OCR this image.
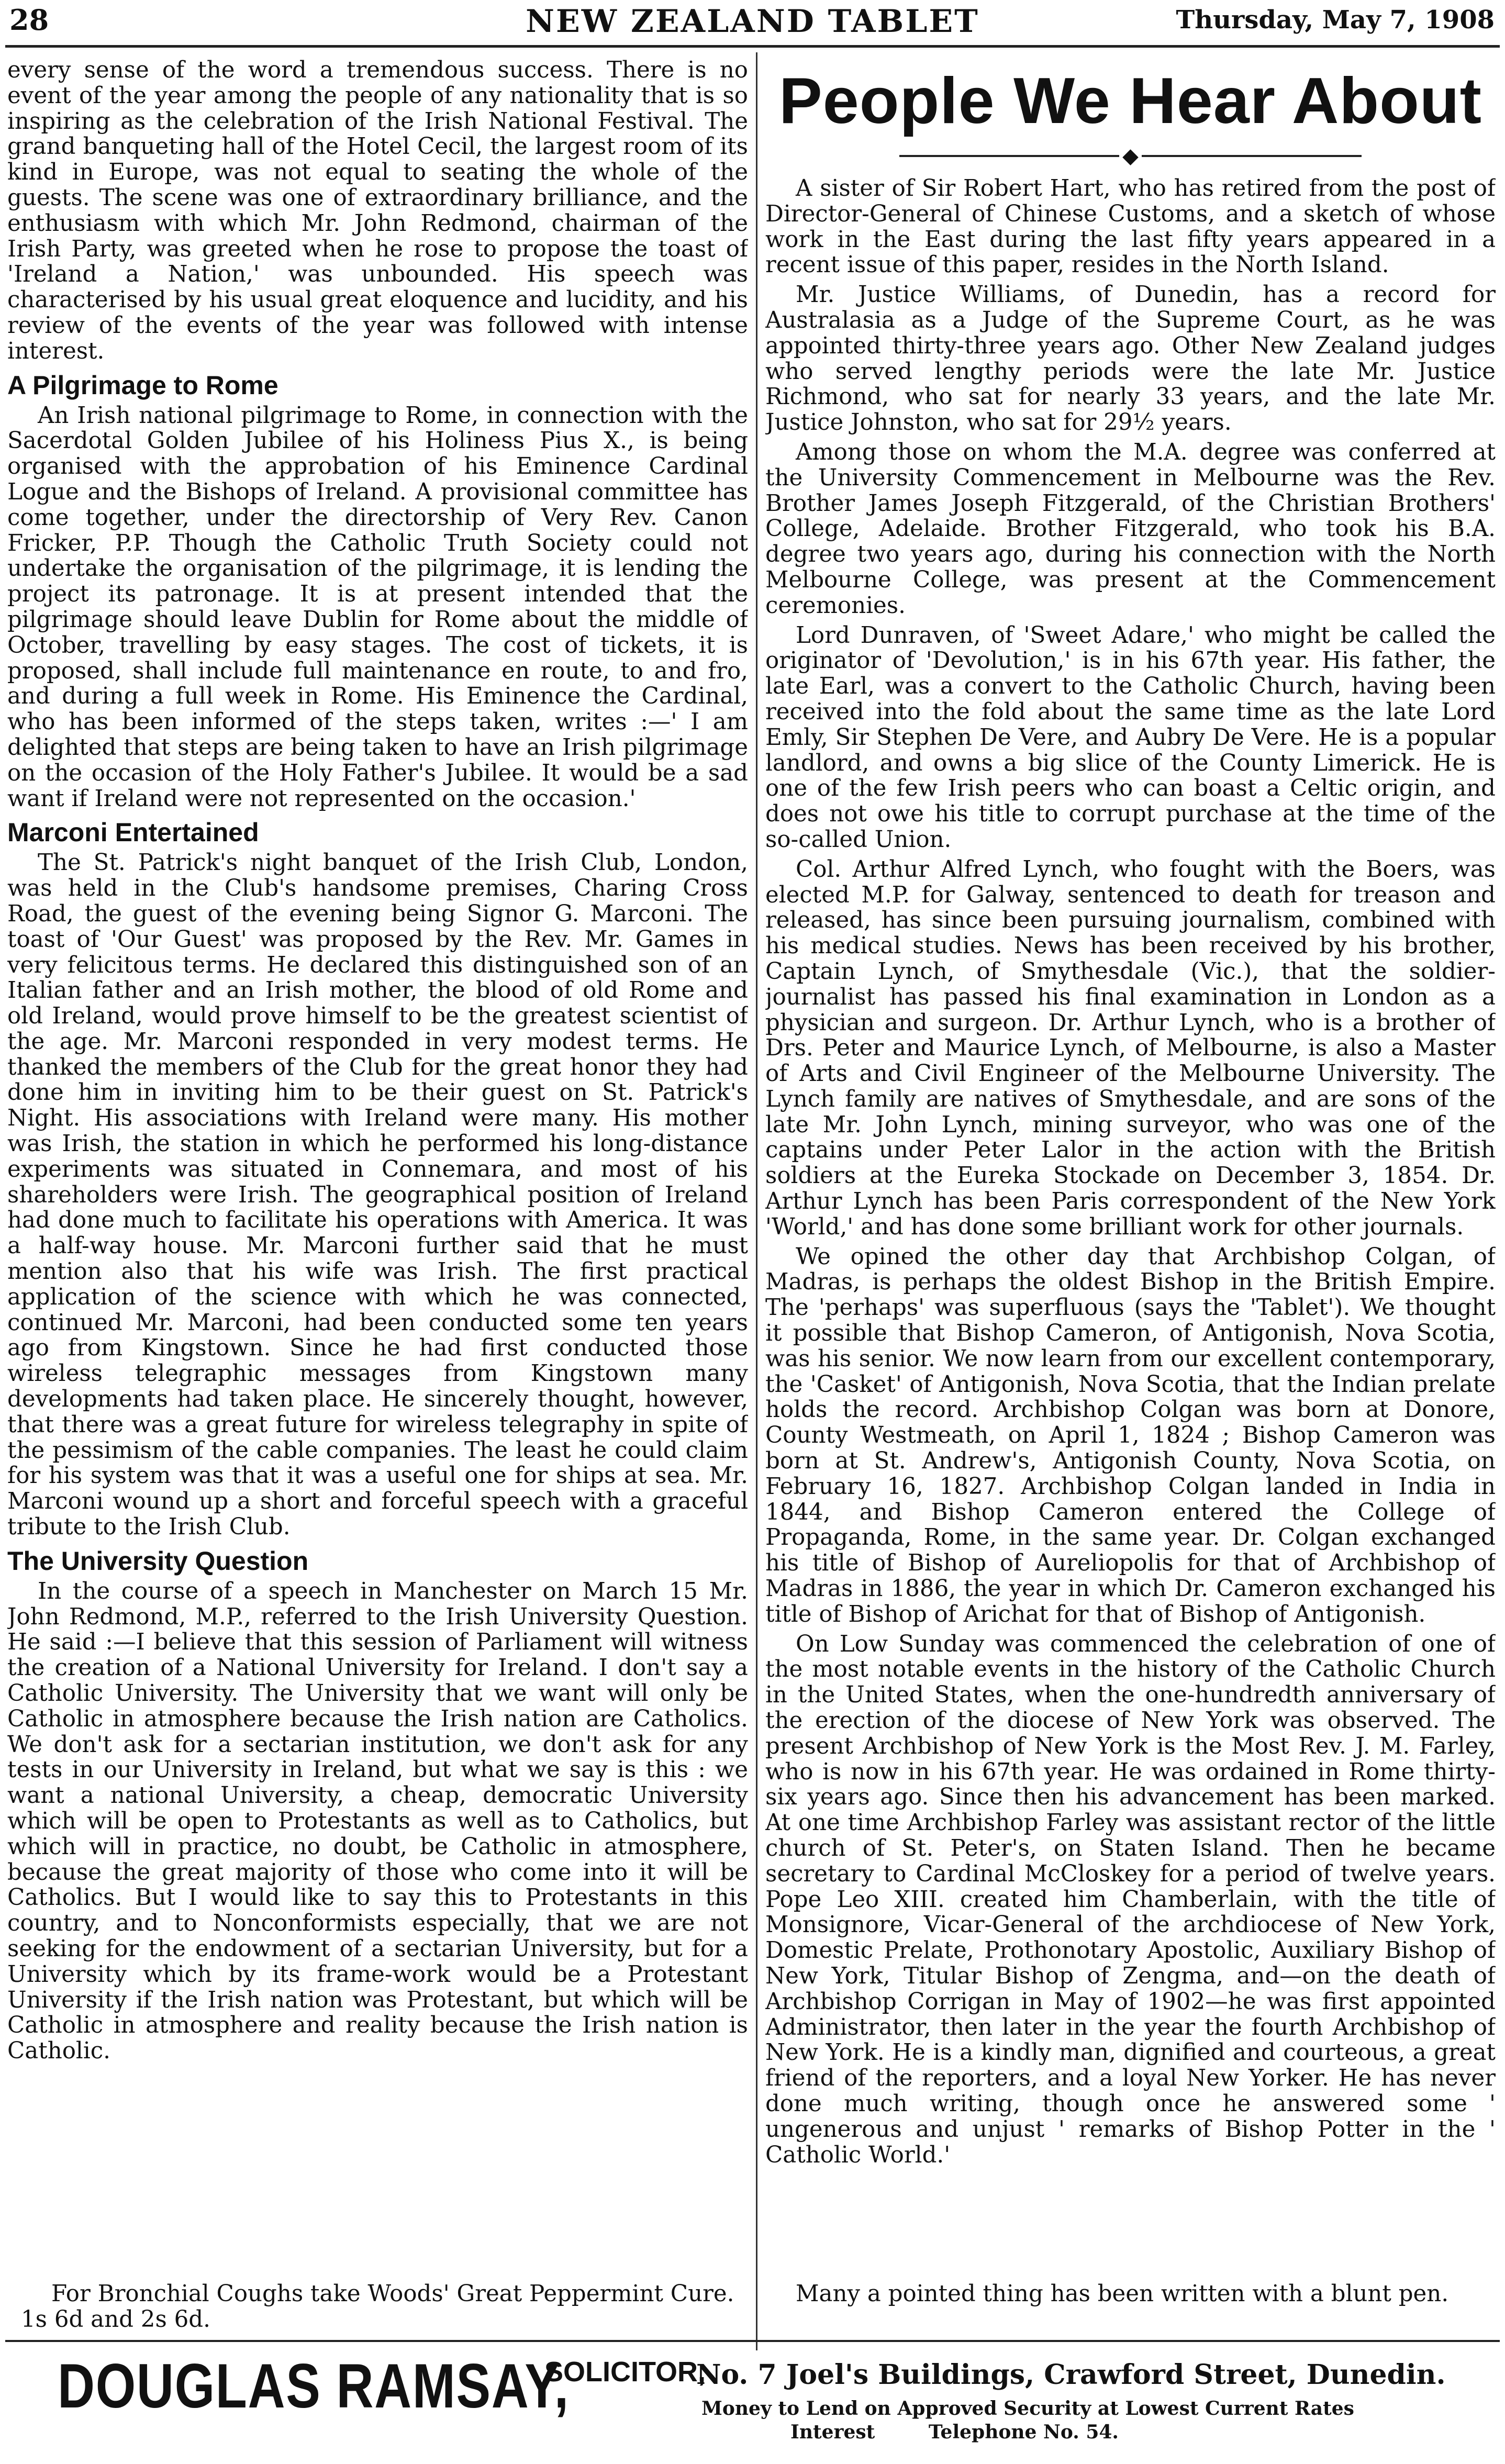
28	NEW ZEALAND TABLET	Thursday, May 7, 1908

every sense of the word a tremendous success. There is no event of the year among the people of any nationality that is so inspiring as the celebration of the Irish National Festival. The grand banqueting hall of the Hotel Cecil, the largest room of its kind in Europe, was not equal to seating the whole of the guests. The scene was one of extraordinary brilliance, and the enthusiasm with which Mr. John Redmond, chairman of the Irish Party, was greeted when he rose to propose the toast of 'Ireland a Nation,' was unbounded. His speech was characterised by his usual great eloquence and lucidity, and his review of the events of the year was followed with intense interest.

A Pilgrimage to Rome

An Irish national pilgrimage to Rome, in connection with the Sacerdotal Golden Jubilee of his Holiness Pius X., is being organised with the approbation of his Eminence Cardinal Logue and the Bishops of Ireland. A provisional committee has come together, under the directorship of Very Rev. Canon Fricker, P.P. Though the Catholic Truth Society could not undertake the organisation of the pilgrimage, it is lending the project its patronage. It is at present intended that the pilgrimage should leave Dublin for Rome about the middle of October, travelling by easy stages. The cost of tickets, it is proposed, shall include full maintenance en route, to and fro, and during a full week in Rome. His Eminence the Cardinal, who has been informed of the steps taken, writes :—' I am delighted that steps are being taken to have an Irish pilgrimage on the occasion of the Holy Father's Jubilee. It would be a sad want if Ireland were not represented on the occasion.'

Marconi Entertained

The St. Patrick's night banquet of the Irish Club, London, was held in the Club's handsome premises, Charing Cross Road, the guest of the evening being Signor G. Marconi. The toast of 'Our Guest' was proposed by the Rev. Mr. Games in very felicitous terms. He declared this distinguished son of an Italian father and an Irish mother, the blood of old Rome and old Ireland, would prove himself to be the greatest scientist of the age. Mr. Marconi responded in very modest terms. He thanked the members of the Club for the great honor they had done him in inviting him to be their guest on St. Patrick's Night. His associations with Ireland were many. His mother was Irish, the station in which he performed his long-distance experiments was situated in Connemara, and most of his shareholders were Irish. The geographical position of Ireland had done much to facilitate his operations with America. It was a half-way house. Mr. Marconi further said that he must mention also that his wife was Irish. The first practical application of the science with which he was connected, continued Mr. Marconi, had been conducted some ten years ago from Kingstown. Since he had first conducted those wireless telegraphic messages from Kingstown many developments had taken place. He sincerely thought, however, that there was a great future for wireless telegraphy in spite of the pessimism of the cable companies. The least he could claim for his system was that it was a useful one for ships at sea. Mr. Marconi wound up a short and forceful speech with a graceful tribute to the Irish Club.

The University Question

In the course of a speech in Manchester on March 15 Mr. John Redmond, M.P., referred to the Irish University Question. He said :—I believe that this session of Parliament will witness the creation of a National University for Ireland. I don't say a Catholic University. The University that we want will only be Catholic in atmosphere because the Irish nation are Catholics. We don't ask for a sectarian institution, we don't ask for any tests in our University in Ireland, but what we say is this : we want a national University, a cheap, democratic University which will be open to Protestants as well as to Catholics, but which will in practice, no doubt, be Catholic in atmosphere, because the great majority of those who come into it will be Catholics. But I would like to say this to Protestants in this country, and to Nonconformists especially, that we are not seeking for the endowment of a sectarian University, but for a University which by its frame-work would be a Protestant University if the Irish nation was Protestant, but which will be Catholic in atmosphere and reality because the Irish nation is Catholic.

People We Hear About
◆

A sister of Sir Robert Hart, who has retired from the post of Director-General of Chinese Customs, and a sketch of whose work in the East during the last fifty years appeared in a recent issue of this paper, resides in the North Island.

Mr. Justice Williams, of Dunedin, has a record for Australasia as a Judge of the Supreme Court, as he was appointed thirty-three years ago. Other New Zealand judges who served lengthy periods were the late Mr. Justice Richmond, who sat for nearly 33 years, and the late Mr. Justice Johnston, who sat for 29½ years.

Among those on whom the M.A. degree was conferred at the University Commencement in Melbourne was the Rev. Brother James Joseph Fitzgerald, of the Christian Brothers' College, Adelaide. Brother Fitzgerald, who took his B.A. degree two years ago, during his connection with the North Melbourne College, was present at the Commencement ceremonies.

Lord Dunraven, of 'Sweet Adare,' who might be called the originator of 'Devolution,' is in his 67th year. His father, the late Earl, was a convert to the Catholic Church, having been received into the fold about the same time as the late Lord Emly, Sir Stephen De Vere, and Aubry De Vere. He is a popular landlord, and owns a big slice of the County Limerick. He is one of the few Irish peers who can boast a Celtic origin, and does not owe his title to corrupt purchase at the time of the so-called Union.

Col. Arthur Alfred Lynch, who fought with the Boers, was elected M.P. for Galway, sentenced to death for treason and released, has since been pursuing journalism, combined with his medical studies. News has been received by his brother, Captain Lynch, of Smythesdale (Vic.), that the soldier-journalist has passed his final examination in London as a physician and surgeon. Dr. Arthur Lynch, who is a brother of Drs. Peter and Maurice Lynch, of Melbourne, is also a Master of Arts and Civil Engineer of the Melbourne University. The Lynch family are natives of Smythesdale, and are sons of the late Mr. John Lynch, mining surveyor, who was one of the captains under Peter Lalor in the action with the British soldiers at the Eureka Stockade on December 3, 1854. Dr. Arthur Lynch has been Paris correspondent of the New York 'World,' and has done some brilliant work for other journals.

We opined the other day that Archbishop Colgan, of Madras, is perhaps the oldest Bishop in the British Empire. The 'perhaps' was superfluous (says the 'Tablet'). We thought it possible that Bishop Cameron, of Antigonish, Nova Scotia, was his senior. We now learn from our excellent contemporary, the 'Casket' of Antigonish, Nova Scotia, that the Indian prelate holds the record. Archbishop Colgan was born at Donore, County Westmeath, on April 1, 1824 ; Bishop Cameron was born at St. Andrew's, Antigonish County, Nova Scotia, on February 16, 1827. Archbishop Colgan landed in India in 1844, and Bishop Cameron entered the College of Propaganda, Rome, in the same year. Dr. Colgan exchanged his title of Bishop of Aureliopolis for that of Archbishop of Madras in 1886, the year in which Dr. Cameron exchanged his title of Bishop of Arichat for that of Bishop of Antigonish.

On Low Sunday was commenced the celebration of one of the most notable events in the history of the Catholic Church in the United States, when the one-hundredth anniversary of the erection of the diocese of New York was observed. The present Archbishop of New York is the Most Rev. J. M. Farley, who is now in his 67th year. He was ordained in Rome thirty-six years ago. Since then his advancement has been marked. At one time Archbishop Farley was assistant rector of the little church of St. Peter's, on Staten Island. Then he became secretary to Cardinal McCloskey for a period of twelve years. Pope Leo XIII. created him Chamberlain, with the title of Monsignore, Vicar-General of the archdiocese of New York, Domestic Prelate, Prothonotary Apostolic, Auxiliary Bishop of New York, Titular Bishop of Zengma, and—on the death of Archbishop Corrigan in May of 1902—he was first appointed Administrator, then later in the year the fourth Archbishop of New York. He is a kindly man, dignified and courteous, a great friend of the reporters, and a loyal New Yorker. He has never done much writing, though once he answered some ' ungenerous and unjust ' remarks of Bishop Potter in the ' Catholic World.'

For Bronchial Coughs take Woods' Great Peppermint Cure. 1s 6d and 2s 6d.

Many a pointed thing has been written with a blunt pen.

DOUGLAS RAMSAY,
SOLICITOR,
No. 7 Joel's Buildings, Crawford Street, Dunedin.
Money to Lend on Approved Security at Lowest Current Rates
Interest	Telephone No. 54.
